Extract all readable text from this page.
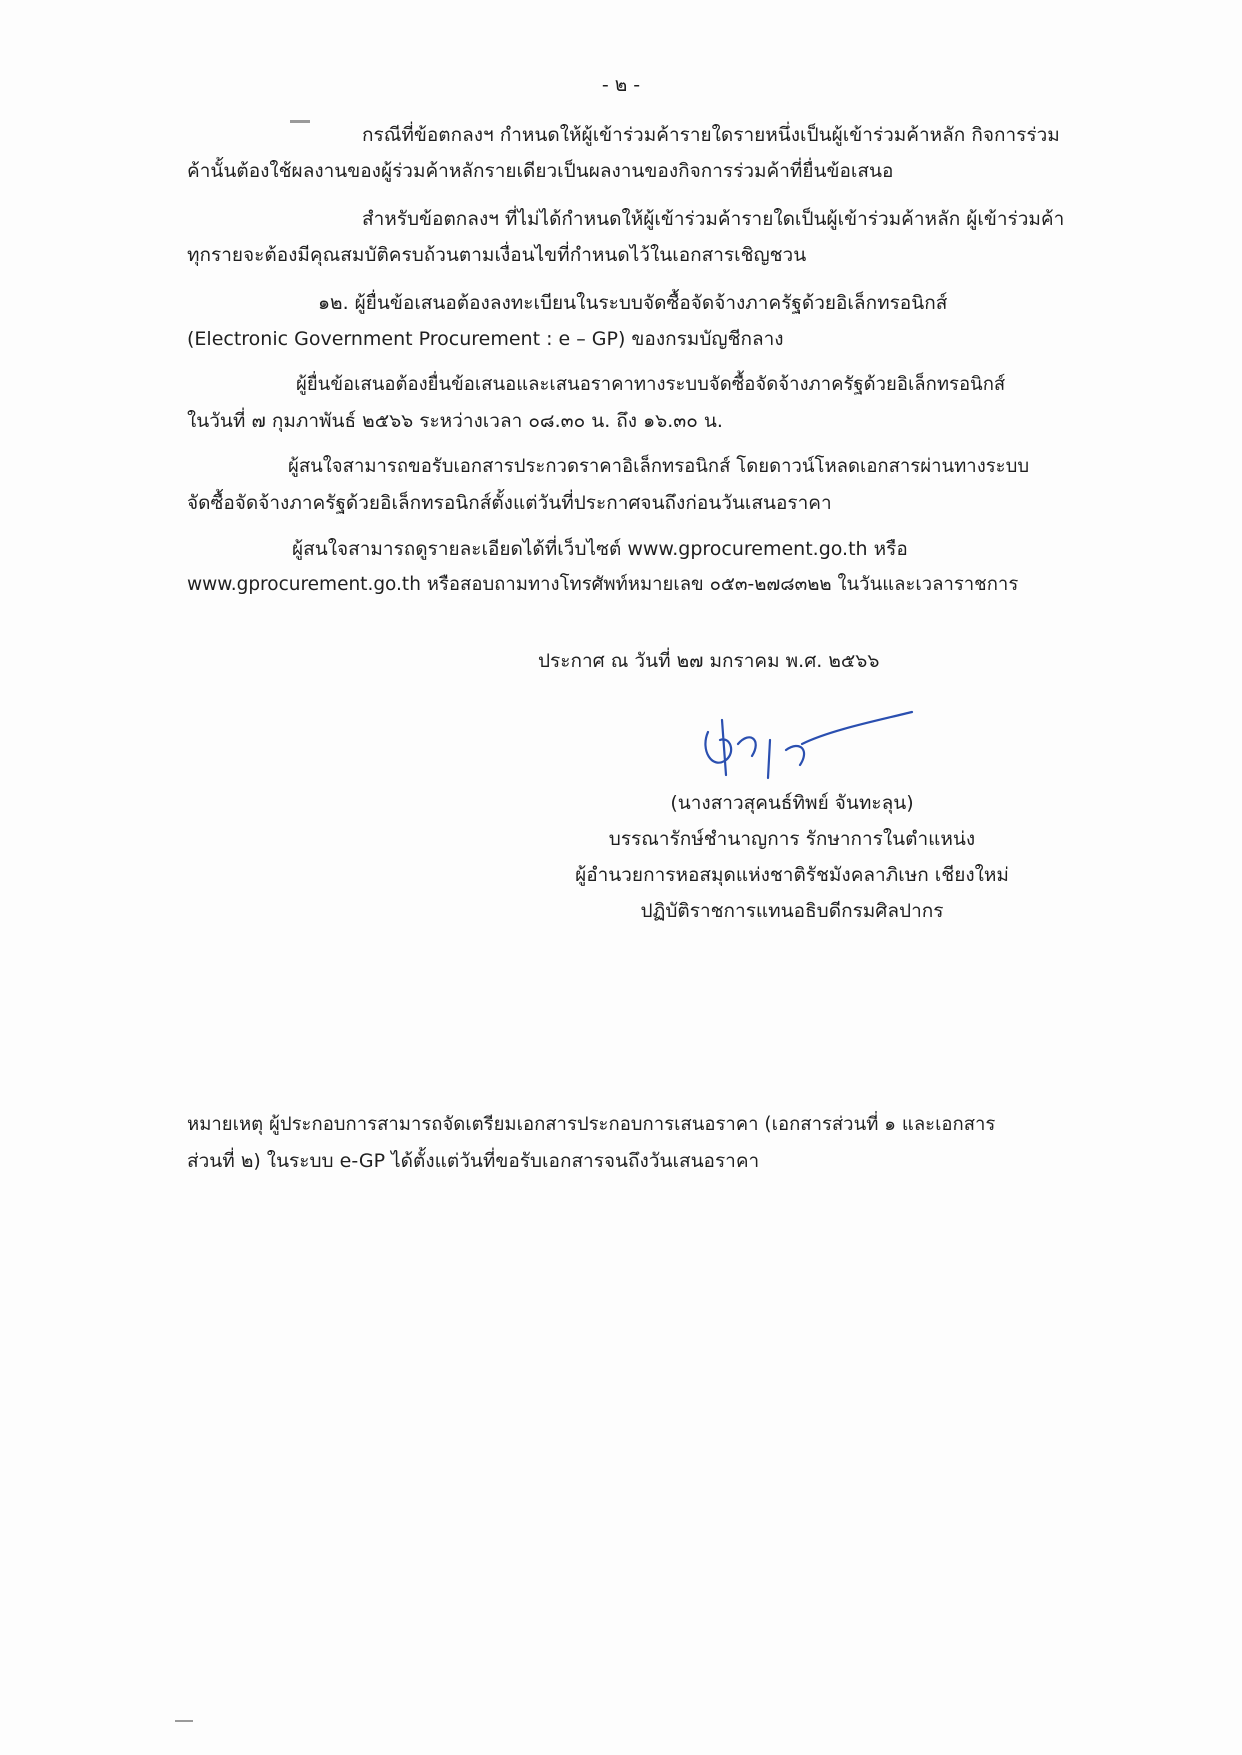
- ๒ -
กรณีที่ข้อตกลงฯ กำหนดให้ผู้เข้าร่วมค้ารายใดรายหนึ่งเป็นผู้เข้าร่วมค้าหลัก กิจการร่วม
ค้านั้นต้องใช้ผลงานของผู้ร่วมค้าหลักรายเดียวเป็นผลงานของกิจการร่วมค้าที่ยื่นข้อเสนอ
สำหรับข้อตกลงฯ ที่ไม่ได้กำหนดให้ผู้เข้าร่วมค้ารายใดเป็นผู้เข้าร่วมค้าหลัก ผู้เข้าร่วมค้า
ทุกรายจะต้องมีคุณสมบัติครบถ้วนตามเงื่อนไขที่กำหนดไว้ในเอกสารเชิญชวน
๑๒. ผู้ยื่นข้อเสนอต้องลงทะเบียนในระบบจัดซื้อจัดจ้างภาครัฐด้วยอิเล็กทรอนิกส์
(Electronic Government Procurement : e – GP) ของกรมบัญชีกลาง
ผู้ยื่นข้อเสนอต้องยื่นข้อเสนอและเสนอราคาทางระบบจัดซื้อจัดจ้างภาครัฐด้วยอิเล็กทรอนิกส์
ในวันที่ ๗ กุมภาพันธ์ ๒๕๖๖ ระหว่างเวลา ๐๘.๓๐ น. ถึง ๑๖.๓๐ น.
ผู้สนใจสามารถขอรับเอกสารประกวดราคาอิเล็กทรอนิกส์ โดยดาวน์โหลดเอกสารผ่านทางระบบ
จัดซื้อจัดจ้างภาครัฐด้วยอิเล็กทรอนิกส์ตั้งแต่วันที่ประกาศจนถึงก่อนวันเสนอราคา
ผู้สนใจสามารถดูรายละเอียดได้ที่เว็บไซต์ www.gprocurement.go.th หรือ
www.gprocurement.go.th หรือสอบถามทางโทรศัพท์หมายเลข ๐๕๓-๒๗๘๓๒๒ ในวันและเวลาราชการ
ประกาศ ณ วันที่ ๒๗ มกราคม พ.ศ. ๒๕๖๖
(นางสาวสุคนธ์ทิพย์ จันทะลุน)
บรรณารักษ์ชำนาญการ รักษาการในตำแหน่ง
ผู้อำนวยการหอสมุดแห่งชาติรัชมังคลาภิเษก เชียงใหม่
ปฏิบัติราชการแทนอธิบดีกรมศิลปากร
หมายเหตุ ผู้ประกอบการสามารถจัดเตรียมเอกสารประกอบการเสนอราคา (เอกสารส่วนที่ ๑ และเอกสาร
ส่วนที่ ๒) ในระบบ e-GP ได้ตั้งแต่วันที่ขอรับเอกสารจนถึงวันเสนอราคา
